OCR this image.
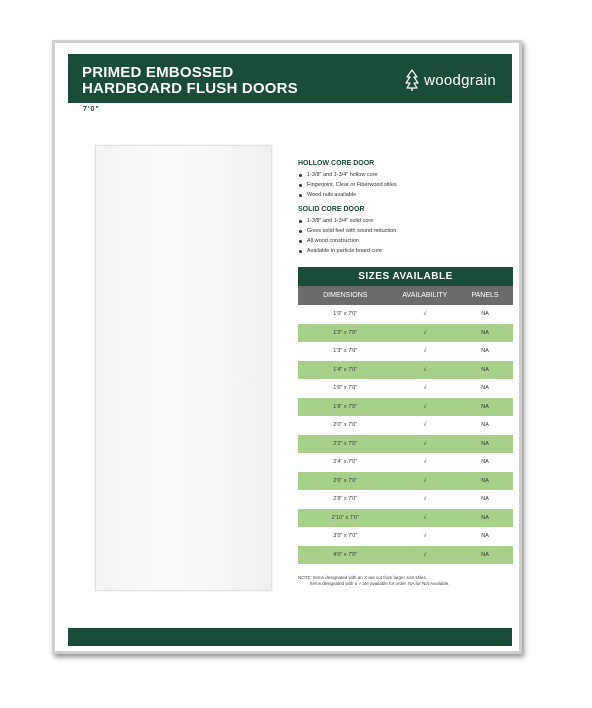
PRIMED EMBOSSED
HARDBOARD FLUSH DOORS	woodgrain
7'0"
HOLLOW CORE DOOR
1-3/8" and 1-3/4" hollow core
Fingerjoint, Clear or Fiberwood stiles
Wood rails available
SOLID CORE DOOR
1-3/8" and 1-3/4" solid core
Gives solid feel with sound reduction
All wood construction
Available in particle board core
SIZES AVAILABLE		
DIMENSIONS	AVAILABILITY	PANELS
1'0" x 7'0"	√	NA
1'2" x 7'0"	√	NA
1'3" x 7'0"	√	NA
1'4" x 7'0"	√	NA
1'6" x 7'0"	√	NA
1'8" x 7'0"	√	NA
2'0" x 7'0"	√	NA
2'2" x 7'0"	√	NA
2'4" x 7'0"	√	NA
2'6" x 7'0"	√	NA
2'8" x 7'0"	√	NA
2'10" x 7'0"	√	NA
3'0" x 7'0"	√	NA
4'0" x 7'0"	√	NA
NOTE: Items designated with an X are cut from larger size stiles.
Items designated with a √ are available for order. NA for Not Available.
